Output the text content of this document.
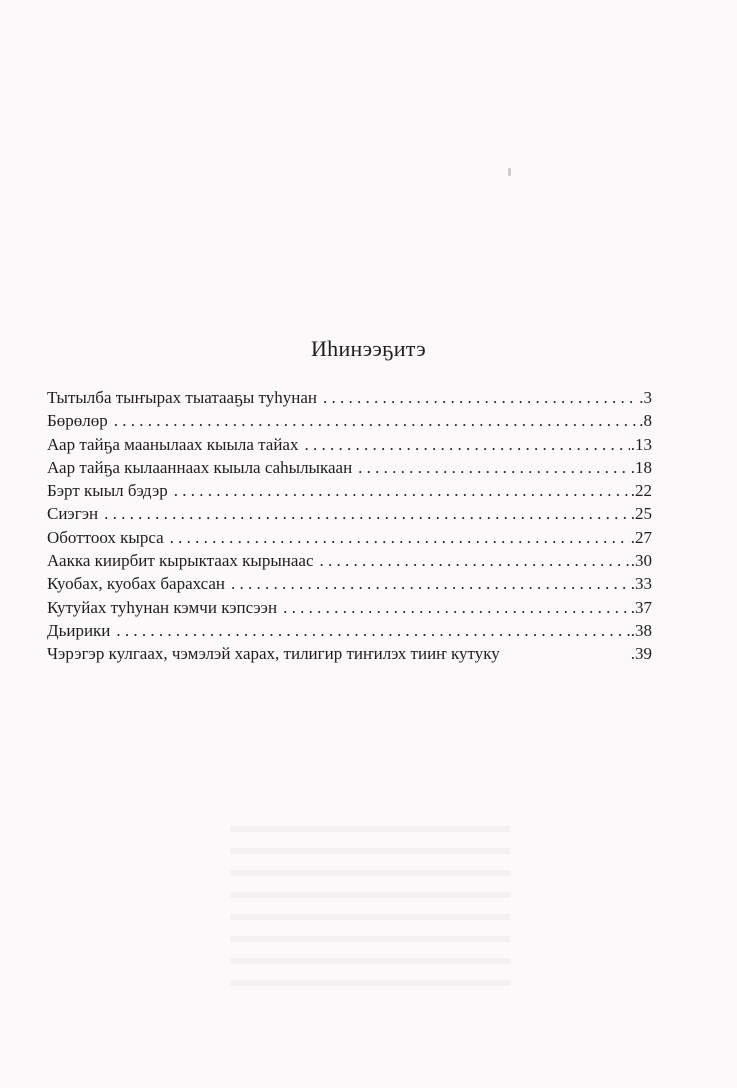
Иһинээҕитэ
Тытылба тыҥырах тыатааҕы туһунан . . .	.3
Бөрөлөр . . .	.8
Аар тайҕа маанылаах кыыла тайах . . .	.13
Аар тайҕа кылааннаах кыыла саһылыкаан . . .	.18
Бэрт кыыл бэдэр . . .	.22
Сиэгэн . . .	.25
Оботтоох кырса . . .	.27
Аакка киирбит кырыктаах кырынаас . . .	.30
Куобах, куобах барахсан . . .	.33
Кутуйах туһунан кэмчи кэпсээн . . .	.37
Дьирики . . .	.38
Чэрэгэр кулгаах, чэмэлэй харах, тилигир тиҥилэх тииҥ кутуку	.39
